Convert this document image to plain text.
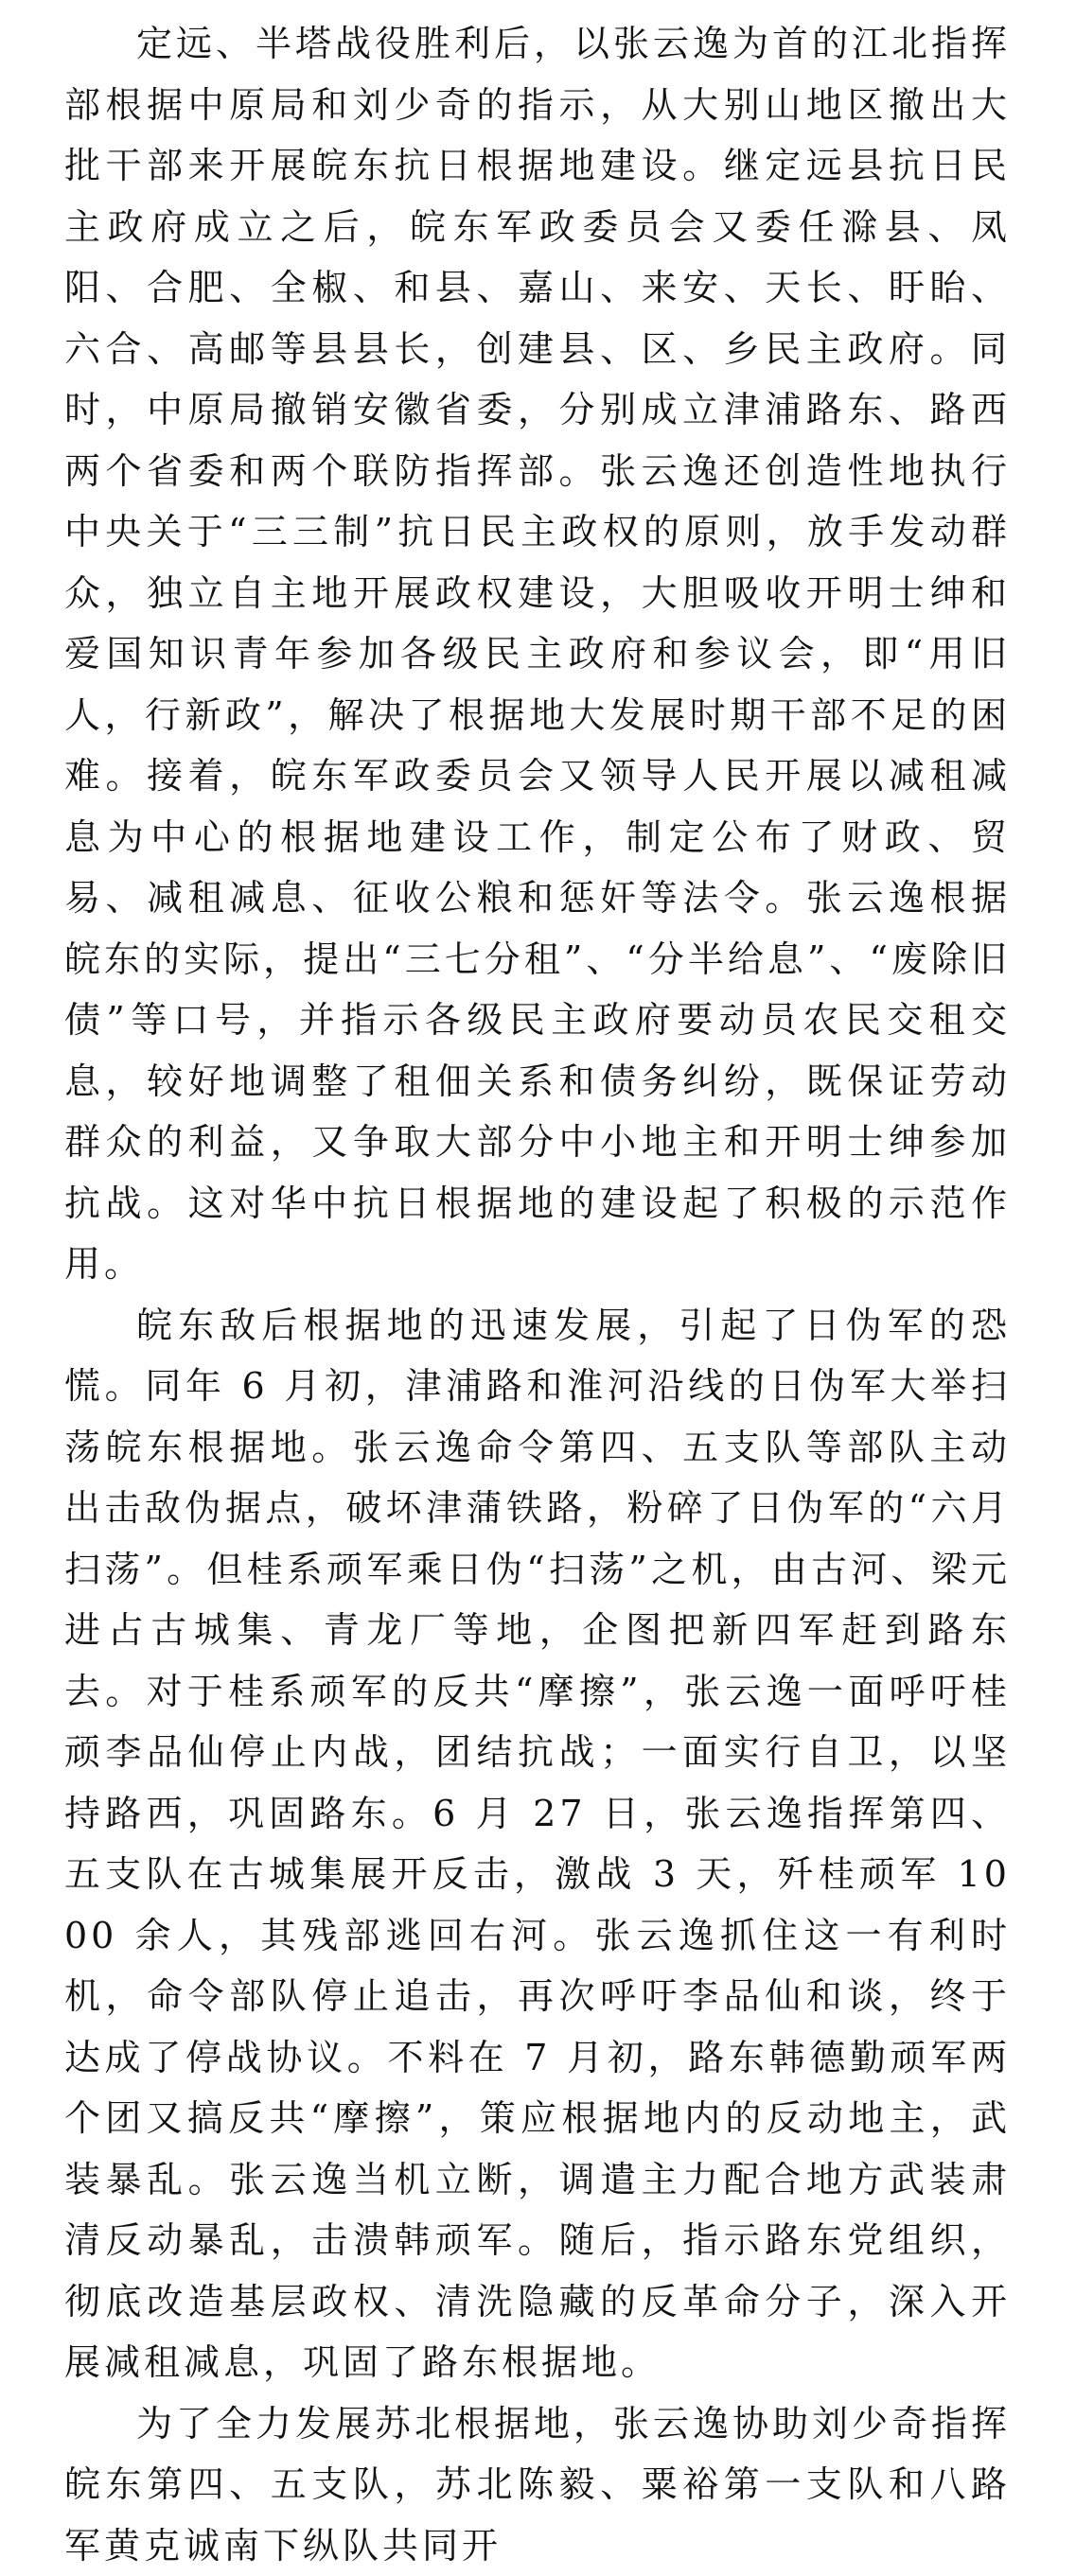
定远、半塔战役胜利后，以张云逸为首的江北指挥部根据中原局和刘少奇的指示，从大别山地区撤出大批干部来开展皖东抗日根据地建设。继定远县抗日民主政府成立之后，皖东军政委员会又委任滁县、凤阳、合肥、全椒、和县、嘉山、来安、天长、盱眙、六合、高邮等县县长，创建县、区、乡民主政府。同时，中原局撤销安徽省委，分别成立津浦路东、路西两个省委和两个联防指挥部。张云逸还创造性地执行中央关于“三三制”抗日民主政权的原则，放手发动群众，独立自主地开展政权建设，大胆吸收开明士绅和爱国知识青年参加各级民主政府和参议会，即“用旧人，行新政”，解决了根据地大发展时期干部不足的困难。接着，皖东军政委员会又领导人民开展以减租减息为中心的根据地建设工作，制定公布了财政、贸易、减租减息、征收公粮和惩奸等法令。张云逸根据皖东的实际，提出“三七分租”、“分半给息”、“废除旧债”等口号，并指示各级民主政府要动员农民交租交息，较好地调整了租佃关系和债务纠纷，既保证劳动群众的利益，又争取大部分中小地主和开明士绅参加抗战。这对华中抗日根据地的建设起了积极的示范作用。

皖东敌后根据地的迅速发展，引起了日伪军的恐慌。同年 6 月初，津浦路和淮河沿线的日伪军大举扫荡皖东根据地。张云逸命令第四、五支队等部队主动出击敌伪据点，破坏津蒲铁路，粉碎了日伪军的“六月扫荡”。但桂系顽军乘日伪“扫荡”之机，由古河、梁元进占古城集、青龙厂等地，企图把新四军赶到路东去。对于桂系顽军的反共“摩擦”，张云逸一面呼吁桂顽李品仙停止内战，团结抗战；一面实行自卫，以坚持路西，巩固路东。6 月 27 日，张云逸指挥第四、五支队在古城集展开反击，激战 3 天，歼桂顽军 1000 余人，其残部逃回右河。张云逸抓住这一有利时机，命令部队停止追击，再次呼吁李品仙和谈，终于达成了停战协议。不料在 7 月初，路东韩德勤顽军两个团又搞反共“摩擦”，策应根据地内的反动地主，武装暴乱。张云逸当机立断，调遣主力配合地方武装肃清反动暴乱，击溃韩顽军。随后，指示路东党组织，彻底改造基层政权、清洗隐藏的反革命分子，深入开展减租减息，巩固了路东根据地。

为了全力发展苏北根据地，张云逸协助刘少奇指挥皖东第四、五支队，苏北陈毅、粟裕第一支队和八路军黄克诚南下纵队共同开
